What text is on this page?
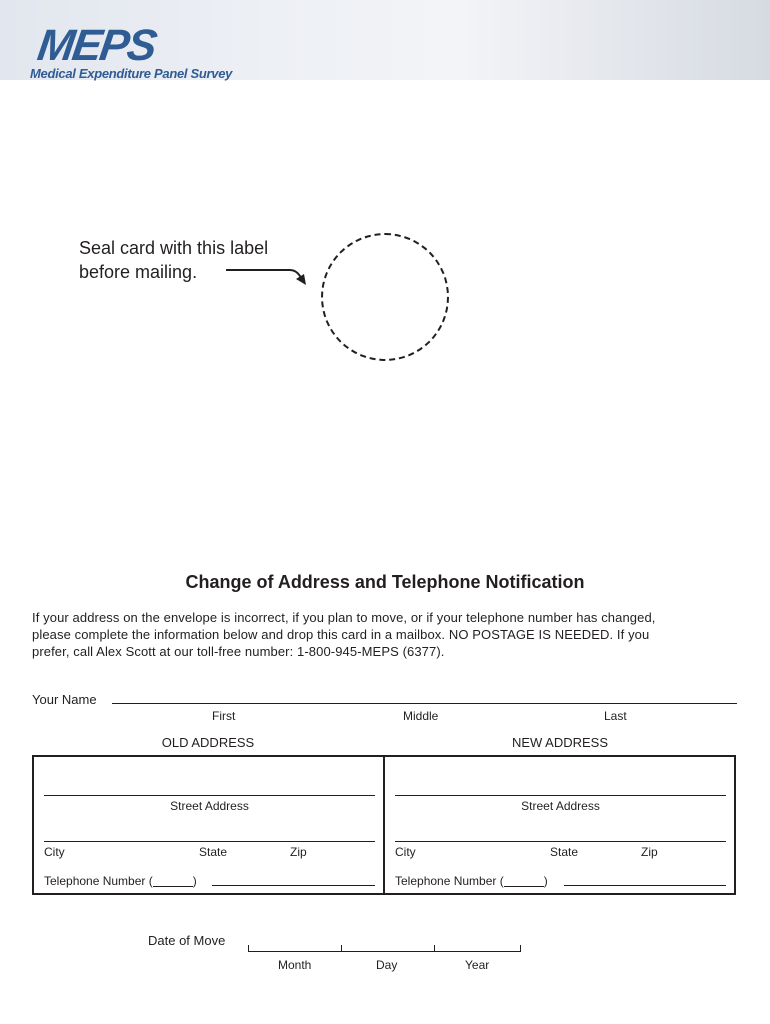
MEPS
Medical Expenditure Panel Survey
Seal card with this label
before mailing.
Change of Address and Telephone Notification
If your address on the envelope is incorrect, if you plan to move, or if your telephone number has changed,
please complete the information below and drop this card in a mailbox. NO POSTAGE IS NEEDED. If you
prefer, call Alex Scott at our toll-free number: 1-800-945-MEPS (6377).
Your Name
First	Middle	Last
OLD ADDRESS	NEW ADDRESS
Street Address
City	State	Zip
Telephone Number (	)
Street Address
City	State	Zip
Telephone Number (	)
Date of Move
Month	Day	Year
